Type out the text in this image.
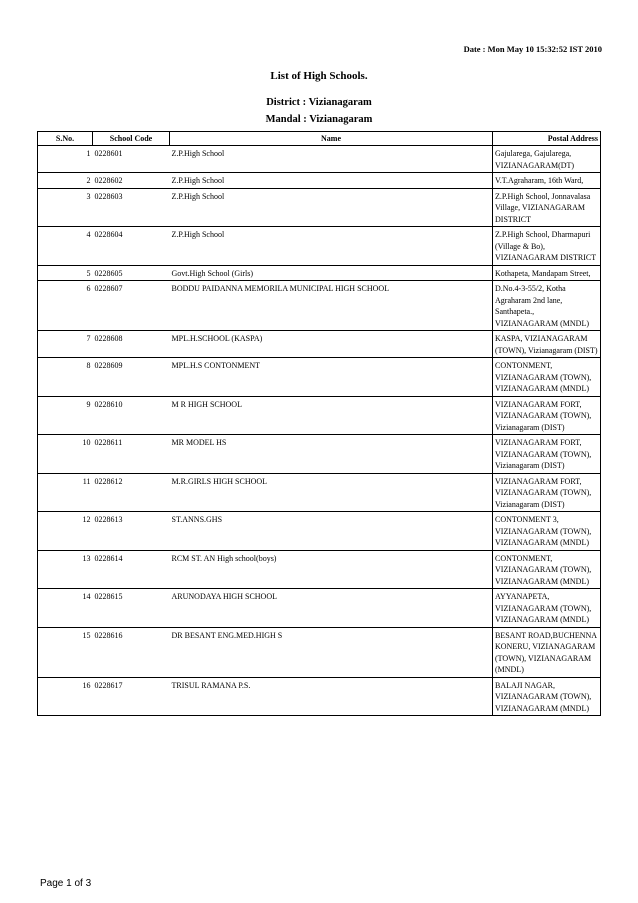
Date : Mon May 10 15:32:52 IST 2010
List of High Schools.
District : Vizianagaram
Mandal : Vizianagaram
S.No.	School Code	Name	Postal Address
1	0228601	Z.P.High School	Gajularega, Gajularega, VIZIANAGARAM(DT)
2	0228602	Z.P.High School	V.T.Agraharam, 16th Ward,
3	0228603	Z.P.High School	Z.P.High School, Jonnavalasa Village, VIZIANAGARAM DISTRICT
4	0228604	Z.P.High School	Z.P.High School, Dharmapuri (Village & Bo), VIZIANAGARAM DISTRICT
5	0228605	Govt.High School (Girls)	Kothapeta, Mandapam Street,
6	0228607	BODDU PAIDANNA MEMORILA MUNICIPAL HIGH SCHOOL	D.No.4-3-55/2, Kotha Agraharam 2nd lane, Santhapeta., VIZIANAGARAM (MNDL)
7	0228608	MPL.H.SCHOOL (KASPA)	KASPA, VIZIANAGARAM (TOWN), Vizianagaram (DIST)
8	0228609	MPL.H.S CONTONMENT	CONTONMENT, VIZIANAGARAM (TOWN), VIZIANAGARAM (MNDL)
9	0228610	M R HIGH SCHOOL	VIZIANAGARAM FORT, VIZIANAGARAM (TOWN), Vizianagaram (DIST)
10	0228611	MR MODEL HS	VIZIANAGARAM FORT, VIZIANAGARAM (TOWN), Vizianagaram (DIST)
11	0228612	M.R.GIRLS HIGH SCHOOL	VIZIANAGARAM FORT, VIZIANAGARAM (TOWN), Vizianagaram (DIST)
12	0228613	ST.ANNS.GHS	CONTONMENT 3, VIZIANAGARAM (TOWN), VIZIANAGARAM (MNDL)
13	0228614	RCM ST. AN High school(boys)	CONTONMENT, VIZIANAGARAM (TOWN), VIZIANAGARAM (MNDL)
14	0228615	ARUNODAYA HIGH SCHOOL	AYYANAPETA, VIZIANAGARAM (TOWN), VIZIANAGARAM (MNDL)
15	0228616	DR BESANT ENG.MED.HIGH S	BESANT ROAD,BUCHENNA KONERU, VIZIANAGARAM (TOWN), VIZIANAGARAM (MNDL)
16	0228617	TRISUL RAMANA P.S.	BALAJI NAGAR, VIZIANAGARAM (TOWN), VIZIANAGARAM (MNDL)
Page 1 of 3
